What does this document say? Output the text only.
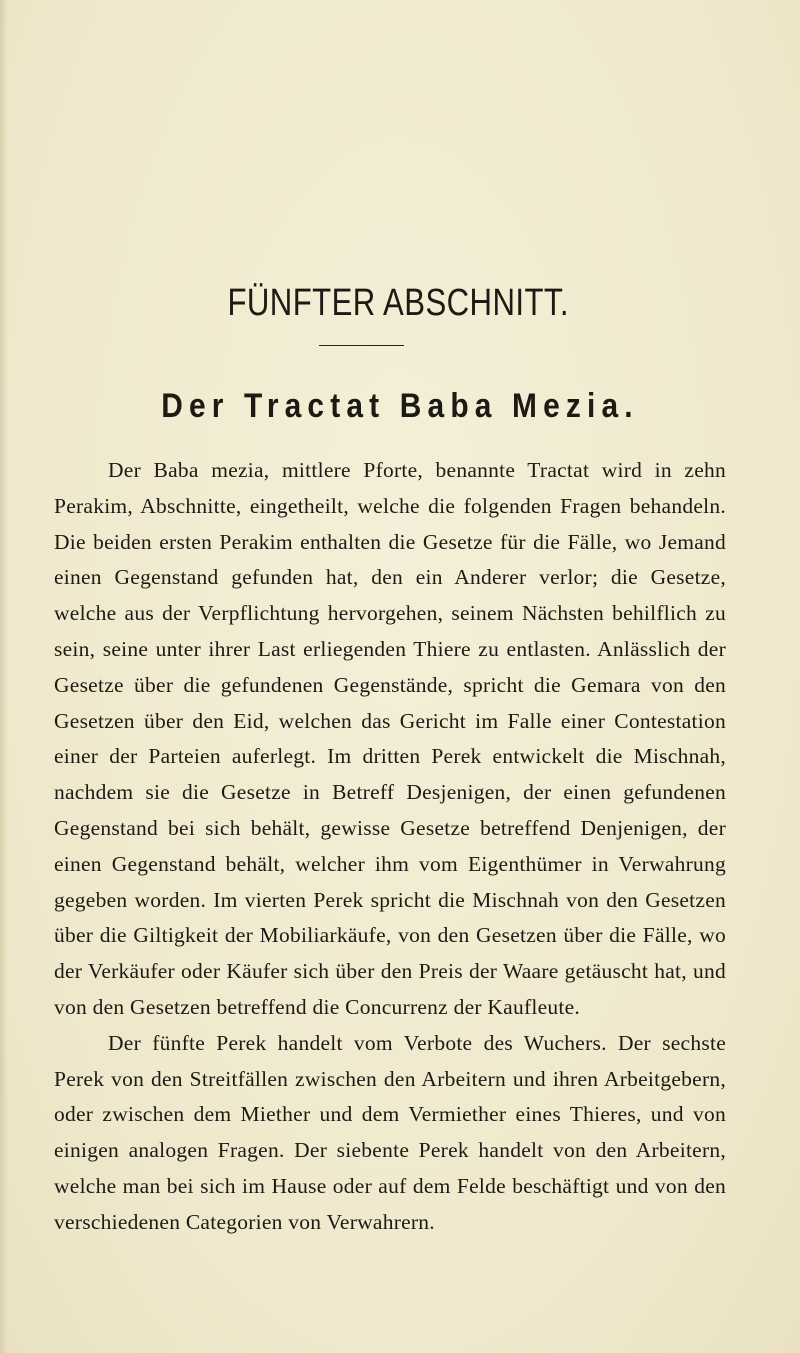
FÜNFTER ABSCHNITT.
Der Tractat Baba Mezia.

Der Baba mezia, mittlere Pforte, benannte Tractat wird in zehn Perakim, Abschnitte, eingetheilt, welche die folgenden Fragen behandeln. Die beiden ersten Perakim enthalten die Gesetze für die Fälle, wo Jemand einen Gegenstand gefunden hat, den ein Anderer verlor; die Gesetze, welche aus der Verpflichtung hervorgehen, seinem Nächsten behilflich zu sein, seine unter ihrer Last erliegenden Thiere zu entlasten. Anlässlich der Gesetze über die gefundenen Gegenstände, spricht die Gemara von den Gesetzen über den Eid, welchen das Gericht im Falle einer Contestation einer der Parteien auferlegt. Im dritten Perek entwickelt die Mischnah, nachdem sie die Gesetze in Betreff Desjenigen, der einen gefundenen Gegenstand bei sich behält, gewisse Gesetze betreffend Denjenigen, der einen Gegenstand behält, welcher ihm vom Eigenthümer in Verwahrung gegeben worden. Im vierten Perek spricht die Mischnah von den Gesetzen über die Giltigkeit der Mobiliarkäufe, von den Gesetzen über die Fälle, wo der Verkäufer oder Käufer sich über den Preis der Waare getäuscht hat, und von den Gesetzen betreffend die Concurrenz der Kaufleute.

Der fünfte Perek handelt vom Verbote des Wuchers. Der sechste Perek von den Streitfällen zwischen den Arbeitern und ihren Arbeitgebern, oder zwischen dem Miether und dem Vermiether eines Thieres, und von einigen analogen Fragen. Der siebente Perek handelt von den Arbeitern, welche man bei sich im Hause oder auf dem Felde beschäftigt und von den verschiedenen Categorien von Verwahrern.
